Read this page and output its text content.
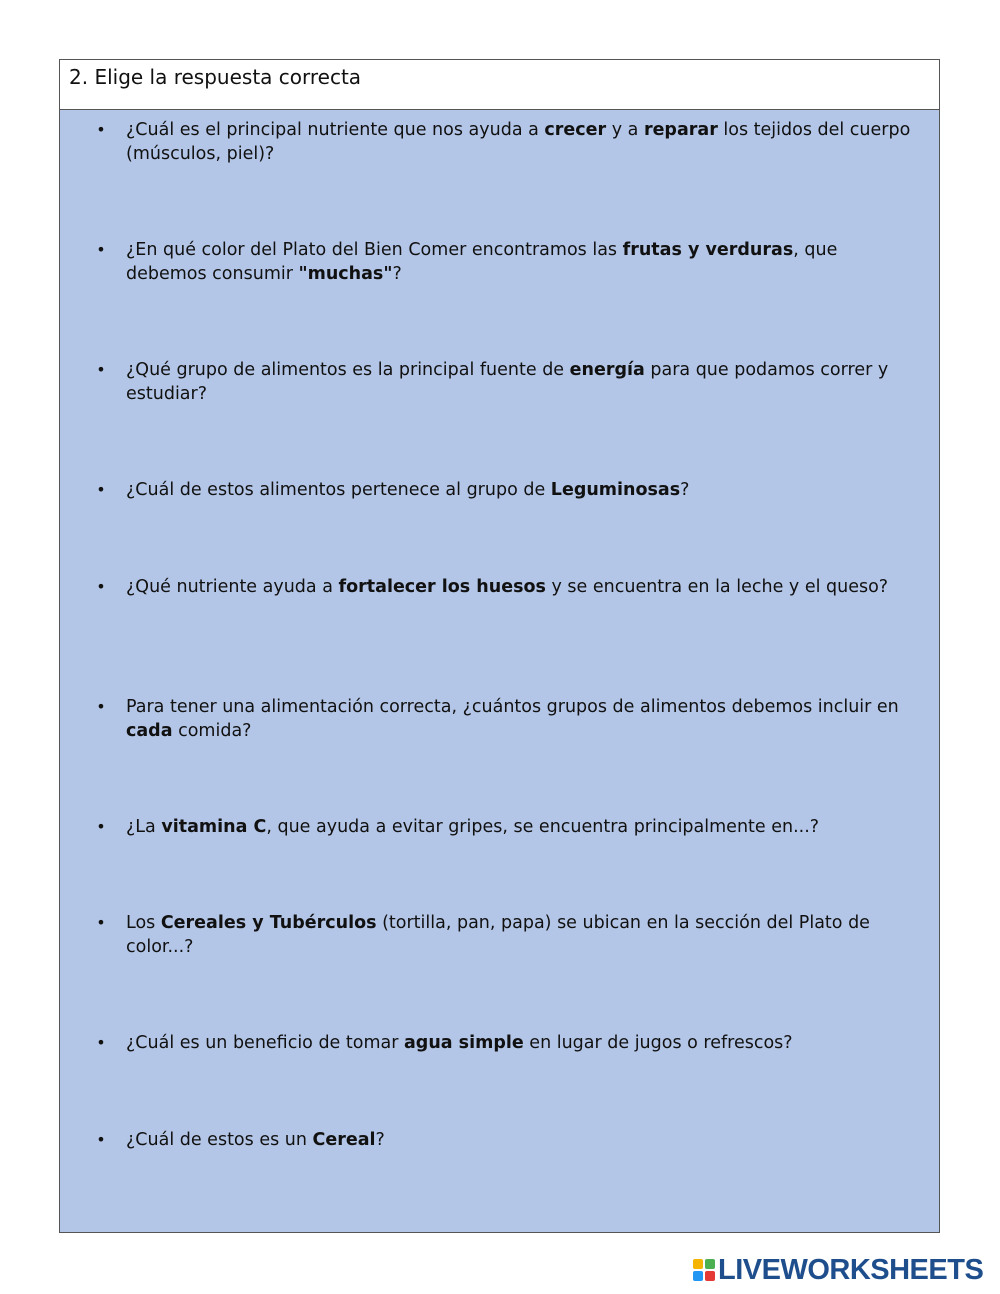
2. Elige la respuesta correcta
• ¿Cuál es el principal nutriente que nos ayuda a crecer y a reparar los tejidos del cuerpo (músculos, piel)?
• ¿En qué color del Plato del Bien Comer encontramos las frutas y verduras, que debemos consumir "muchas"?
• ¿Qué grupo de alimentos es la principal fuente de energía para que podamos correr y estudiar?
• ¿Cuál de estos alimentos pertenece al grupo de Leguminosas?
• ¿Qué nutriente ayuda a fortalecer los huesos y se encuentra en la leche y el queso?
• Para tener una alimentación correcta, ¿cuántos grupos de alimentos debemos incluir en cada comida?
• ¿La vitamina C, que ayuda a evitar gripes, se encuentra principalmente en...?
• Los Cereales y Tubérculos (tortilla, pan, papa) se ubican en la sección del Plato de color...?
• ¿Cuál es un beneficio de tomar agua simple en lugar de jugos o refrescos?
• ¿Cuál de estos es un Cereal?
LIVEWORKSHEETS
